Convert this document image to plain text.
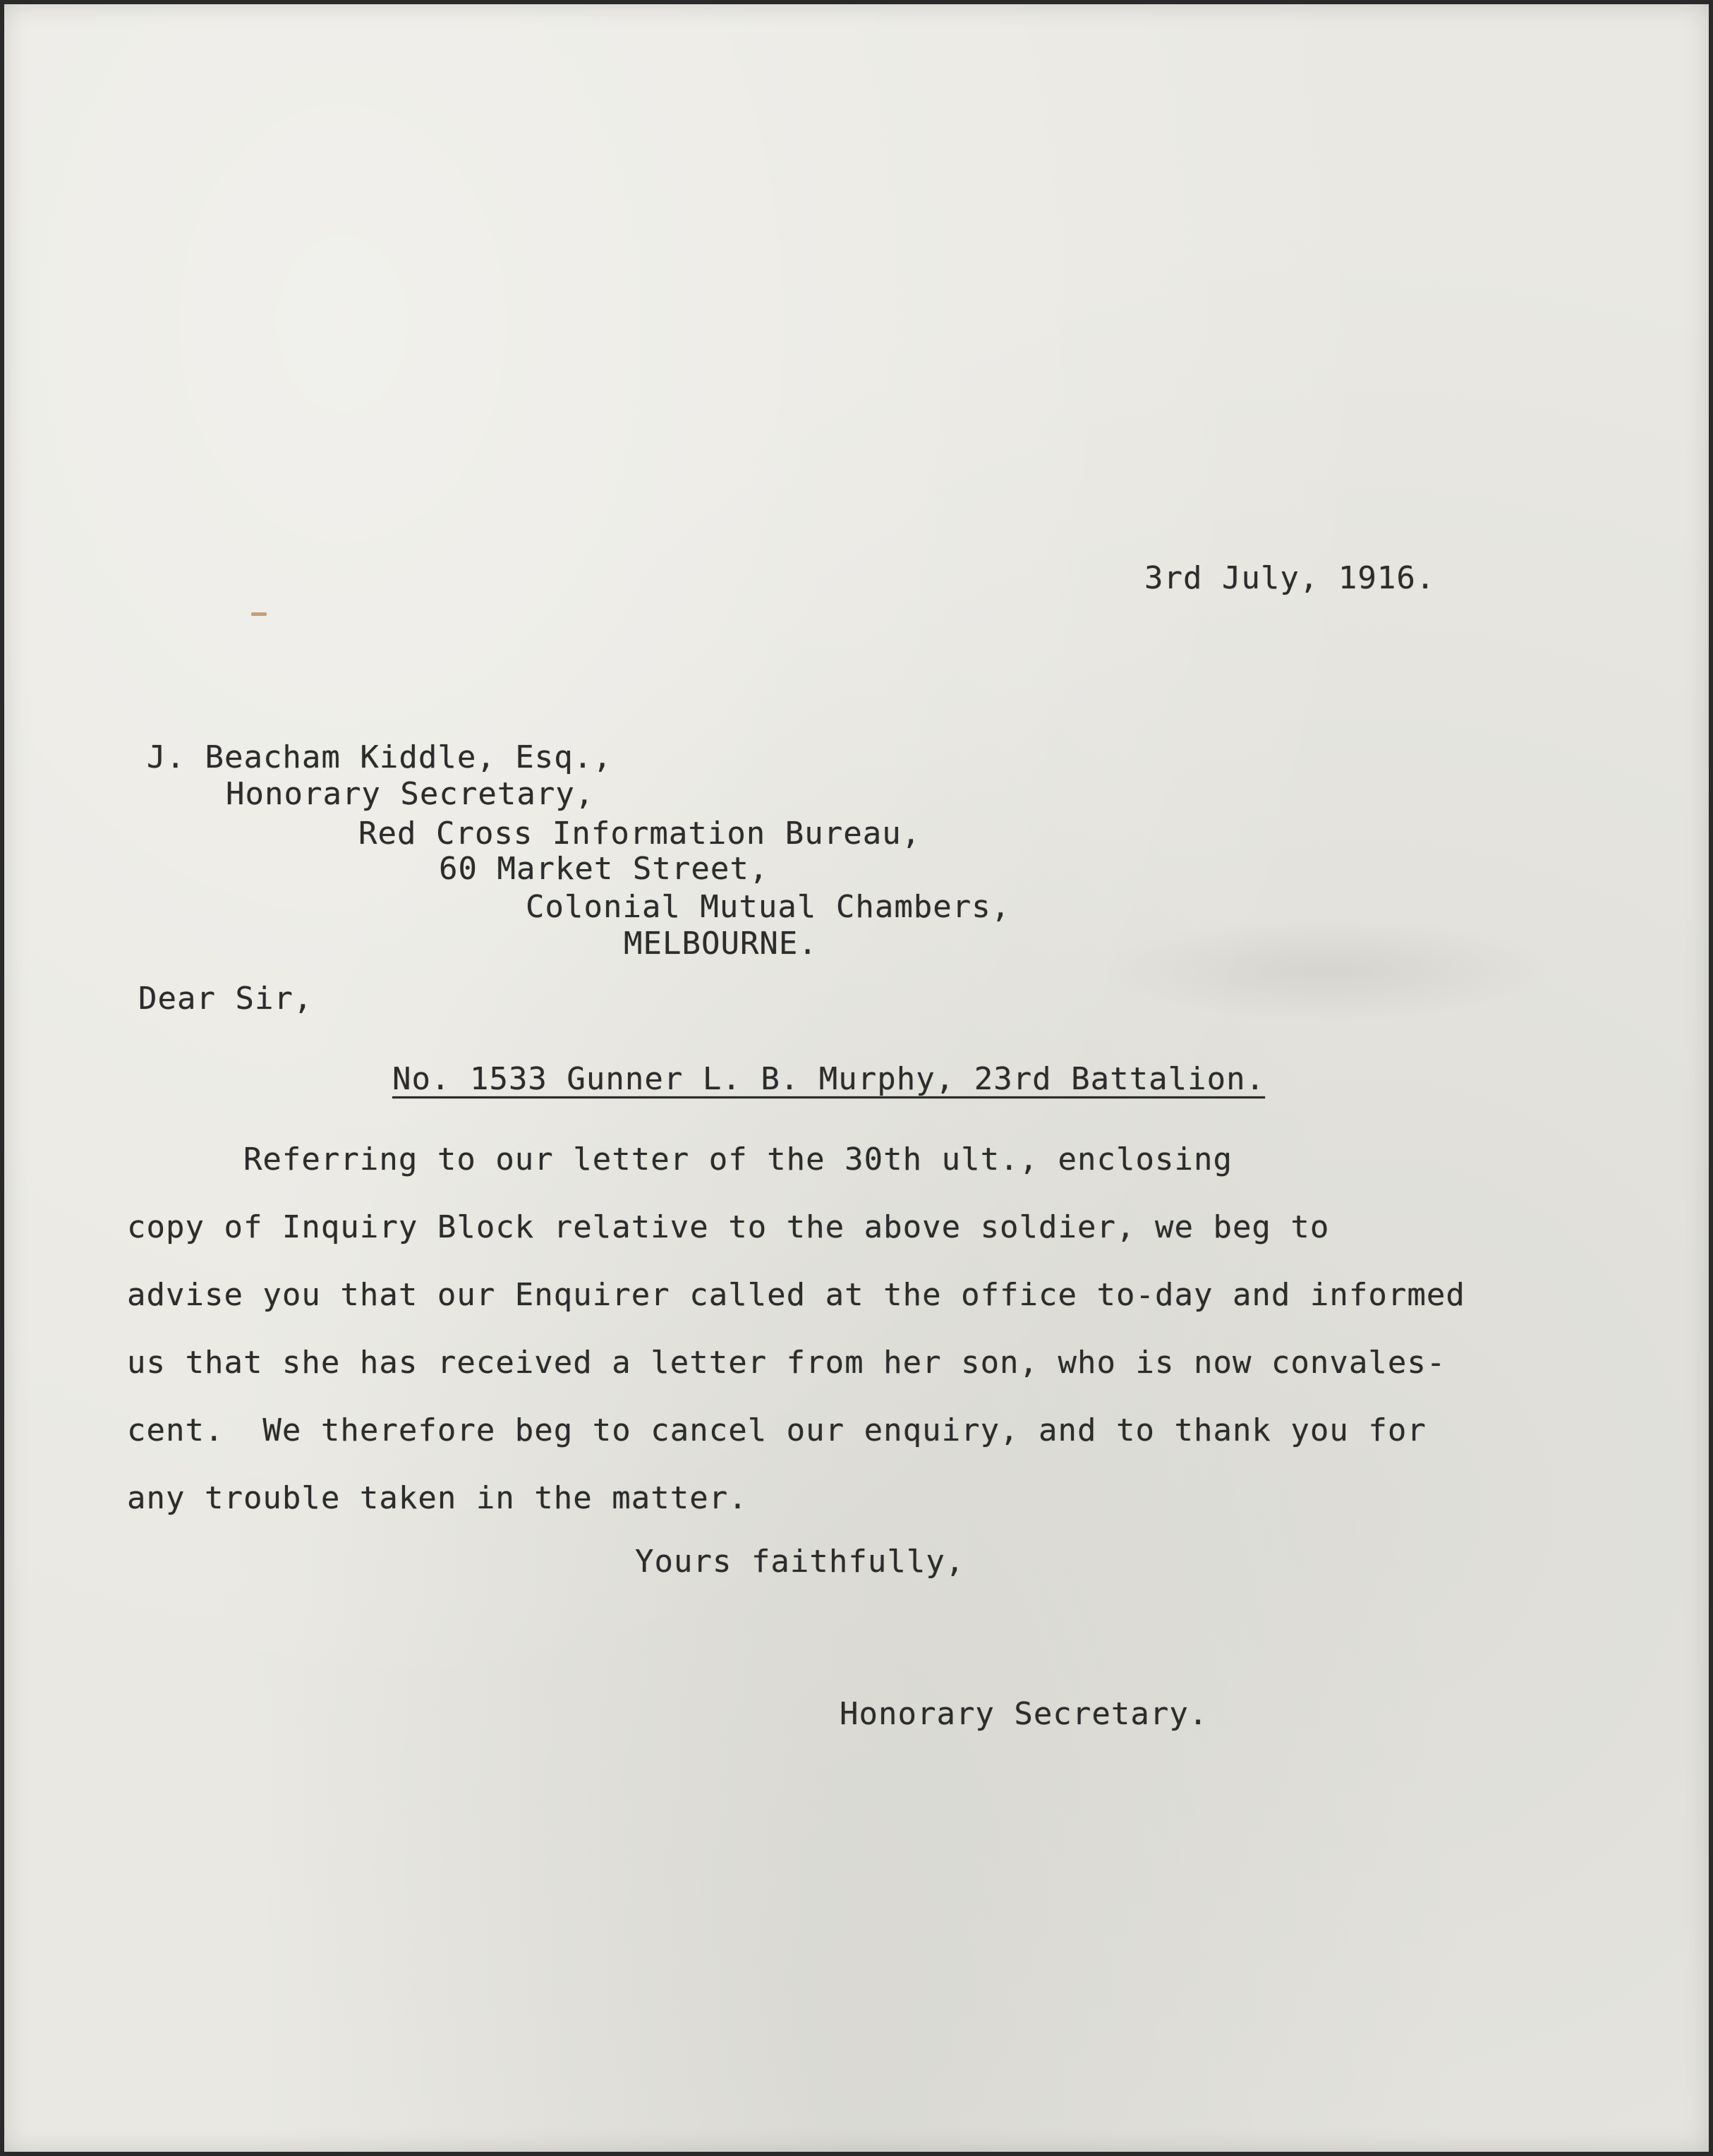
3rd July, 1916.
J. Beacham Kiddle, Esq.,
Honorary Secretary,
Red Cross Information Bureau,
60 Market Street,
Colonial Mutual Chambers,
MELBOURNE.
Dear Sir,
No. 1533 Gunner L. B. Murphy, 23rd Battalion.
Referring to our letter of the 30th ult., enclosing
copy of Inquiry Block relative to the above soldier, we beg to
advise you that our Enquirer called at the office to-day and informed
us that she has received a letter from her son, who is now convales-
cent.  We therefore beg to cancel our enquiry, and to thank you for
any trouble taken in the matter.
Yours faithfully,
Honorary Secretary.
